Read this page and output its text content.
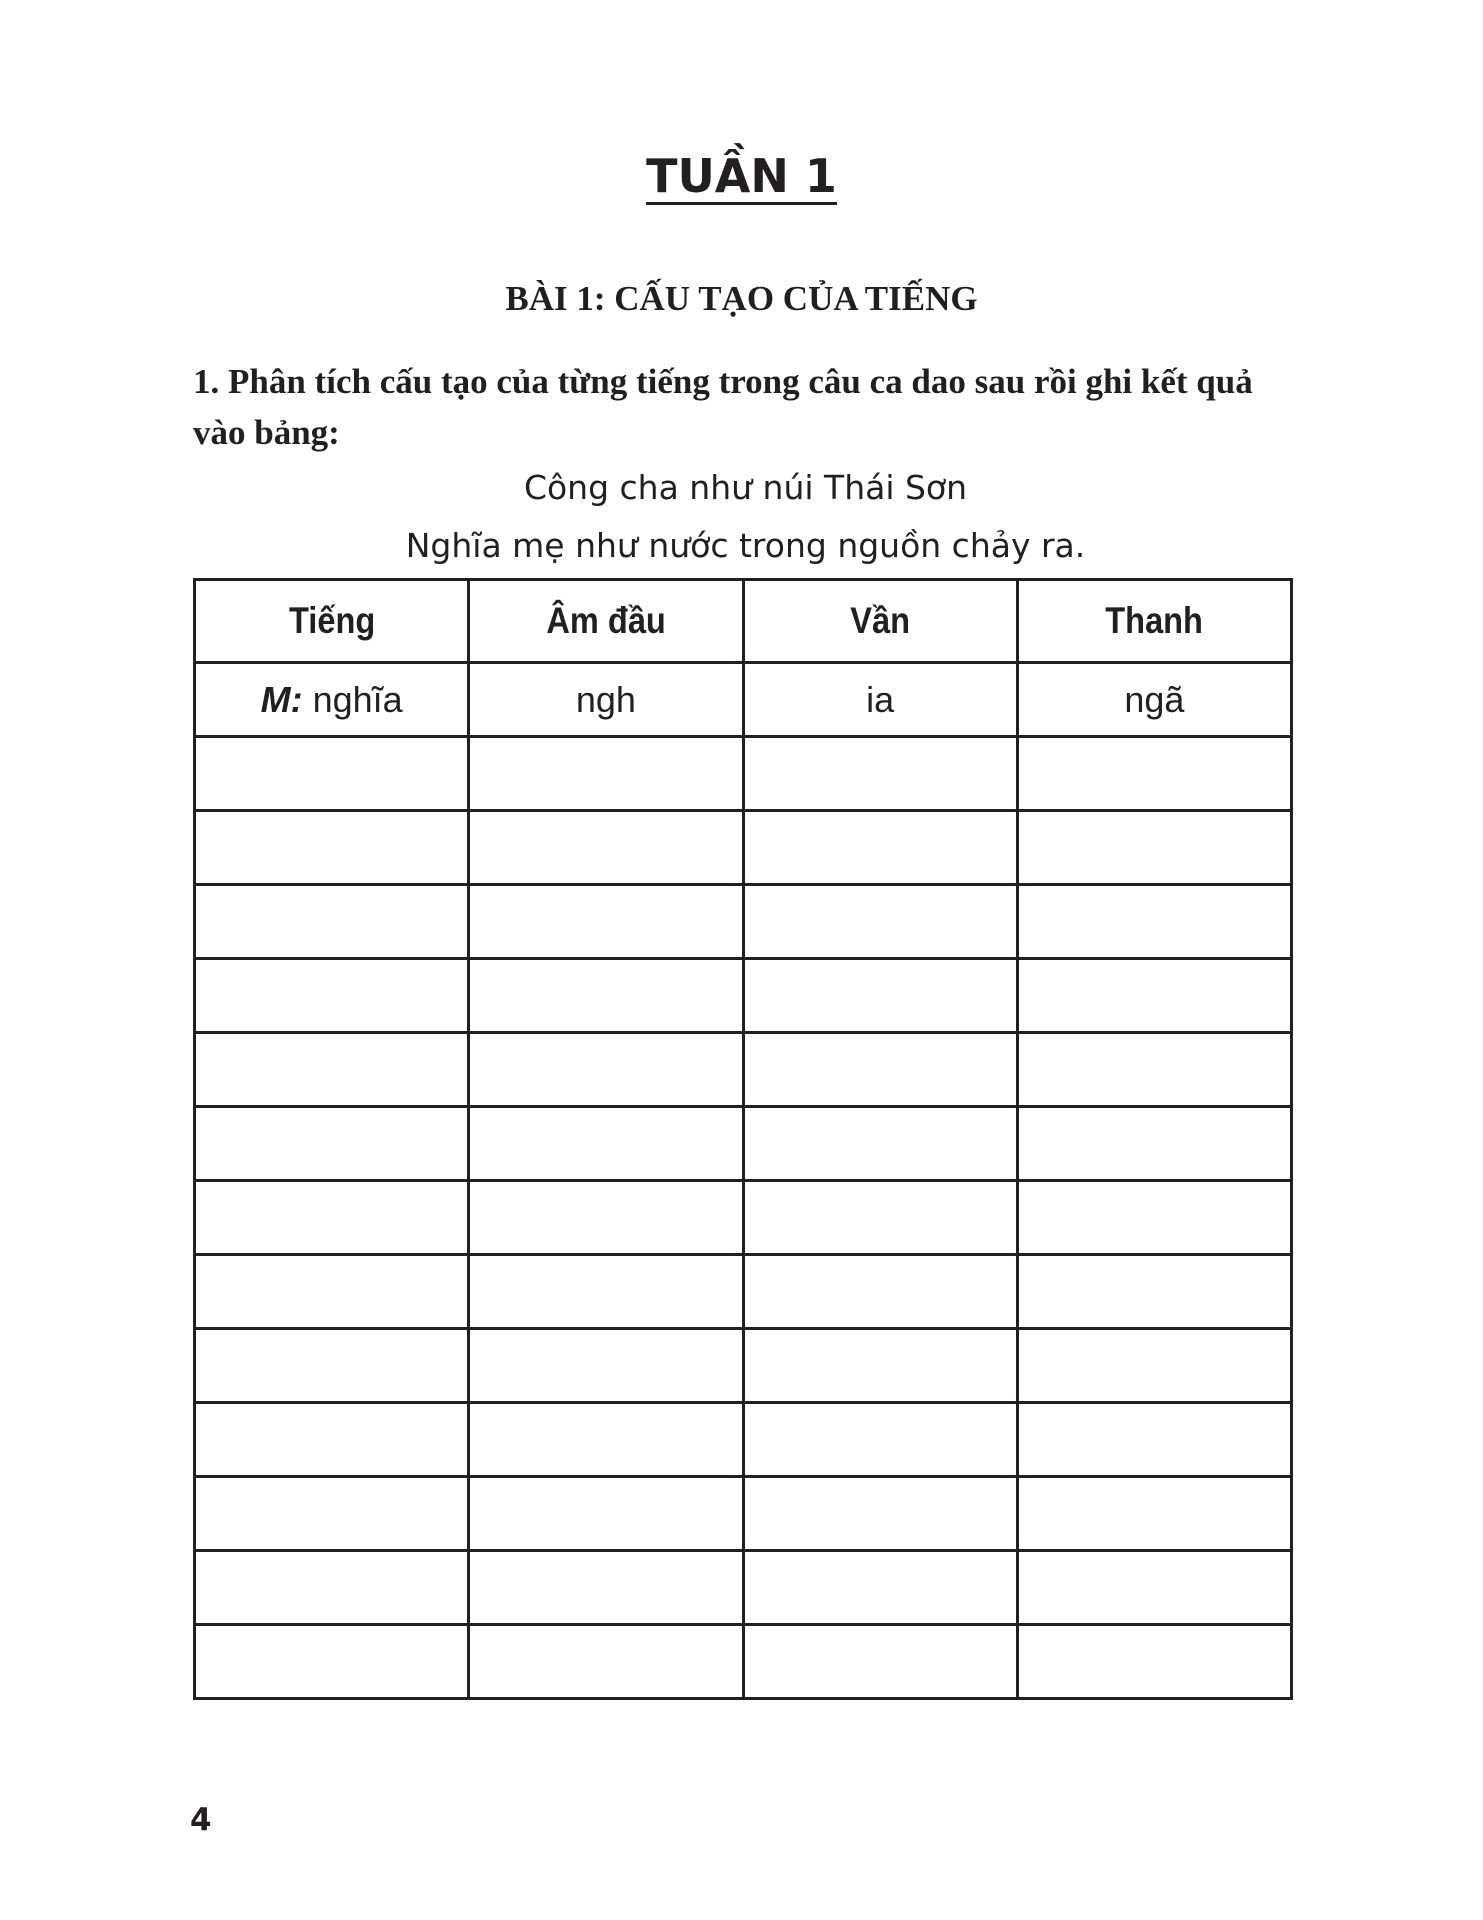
TUẦN 1
BÀI 1: CẤU TẠO CỦA TIẾNG

1. Phân tích cấu tạo của từng tiếng trong câu ca dao sau rồi ghi kết quả vào bảng:

Công cha như núi Thái Sơn

Nghĩa mẹ như nước trong nguồn chảy ra.

Tiếng	Âm đầu	Vần	Thanh
M: nghĩa	ngh	ia	ngã

4
